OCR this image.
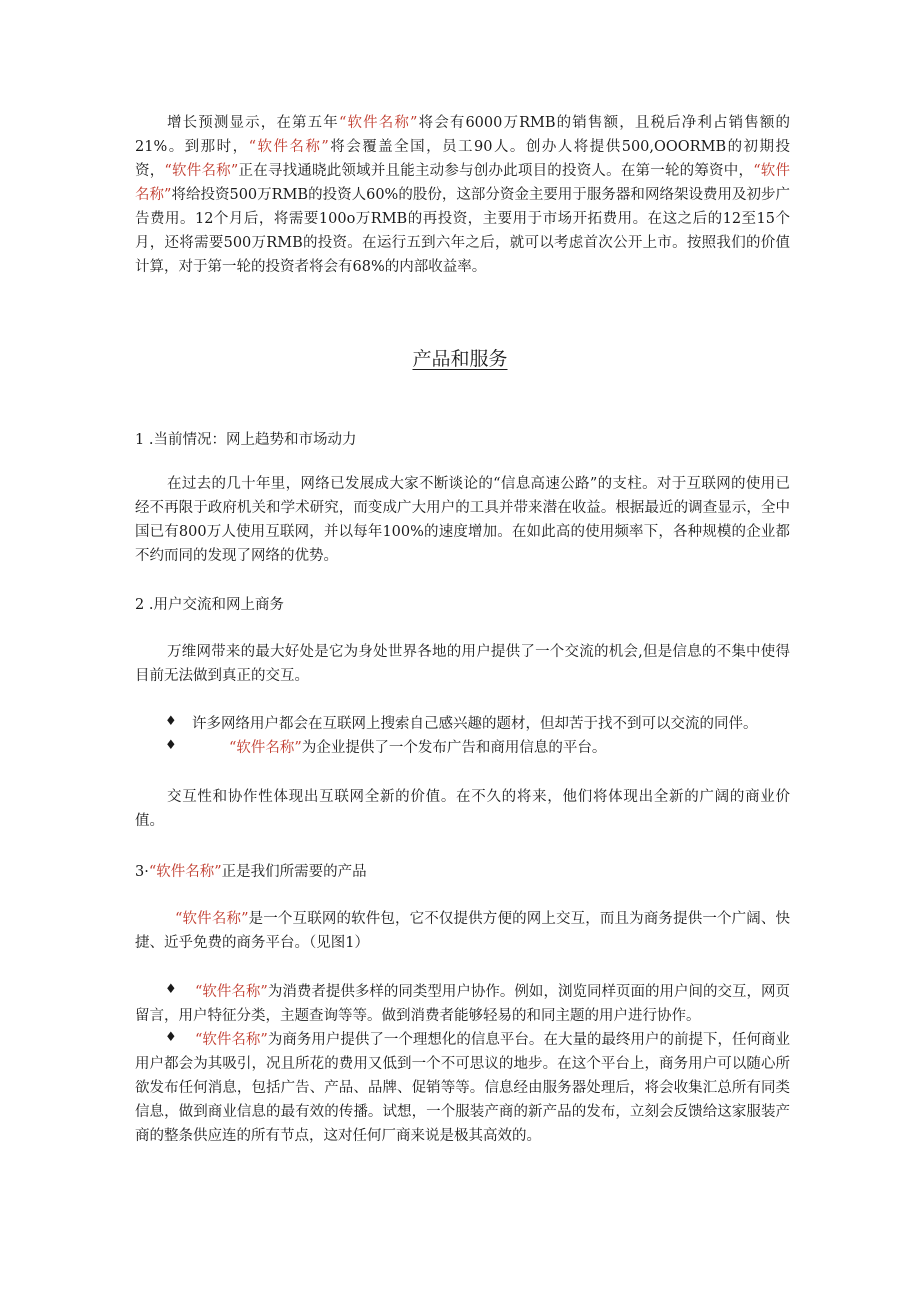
增长预测显示，在第五年“软件名称”将会有6000万RMB的销售额，且税后净利占销售额的21%。到那时，“软件名称”将会覆盖全国，员工90人。创办人将提供500,OOORMB的初期投资，“软件名称”正在寻找通晓此领域并且能主动参与创办此项目的投资人。在第一轮的筹资中，“软件名称”将给投资500万RMB的投资人60%的股份，这部分资金主要用于服务器和网络架设费用及初步广告费用。12个月后，将需要100o万RMB的再投资，主要用于市场开拓费用。在这之后的12至15个月，还将需要500万RMB的投资。在运行五到六年之后，就可以考虑首次公开上市。按照我们的价值计算，对于第一轮的投资者将会有68%的内部收益率。

产品和服务

1 .当前情况：网上趋势和市场动力

在过去的几十年里，网络已发展成大家不断谈论的“信息高速公路”的支柱。对于互联网的使用已经不再限于政府机关和学术研究，而变成广大用户的工具并带来潜在收益。根据最近的调查显示，全中国已有800万人使用互联网，并以每年100%的速度增加。在如此高的使用频率下，各种规模的企业都不约而同的发现了网络的优势。

2 .用户交流和网上商务

万维网带来的最大好处是它为身处世界各地的用户提供了一个交流的机会,但是信息的不集中使得目前无法做到真正的交互。

♦ 许多网络用户都会在互联网上搜索自己感兴趣的题材，但却苦于找不到可以交流的同伴。

♦	“软件名称”为企业提供了一个发布广告和商用信息的平台。

交互性和协作性体现出互联网全新的价值。在不久的将来，他们将体现出全新的广阔的商业价值。

3·“软件名称”正是我们所需要的产品

“软件名称”是一个互联网的软件包，它不仅提供方便的网上交互，而且为商务提供一个广阔、快捷、近乎免费的商务平台。（见图1）

♦	“软件名称”为消费者提供多样的同类型用户协作。例如，浏览同样页面的用户间的交互，网页留言，用户特征分类，主题查询等等。做到消费者能够轻易的和同主题的用户进行协作。

♦	“软件名称”为商务用户提供了一个理想化的信息平台。在大量的最终用户的前提下，任何商业用户都会为其吸引，况且所花的费用又低到一个不可思议的地步。在这个平台上，商务用户可以随心所欲发布任何消息，包括广告、产品、品牌、促销等等。信息经由服务器处理后，将会收集汇总所有同类信息，做到商业信息的最有效的传播。试想，一个服装产商的新产品的发布，立刻会反馈给这家服装产商的整条供应连的所有节点，这对任何厂商来说是极其高效的。
